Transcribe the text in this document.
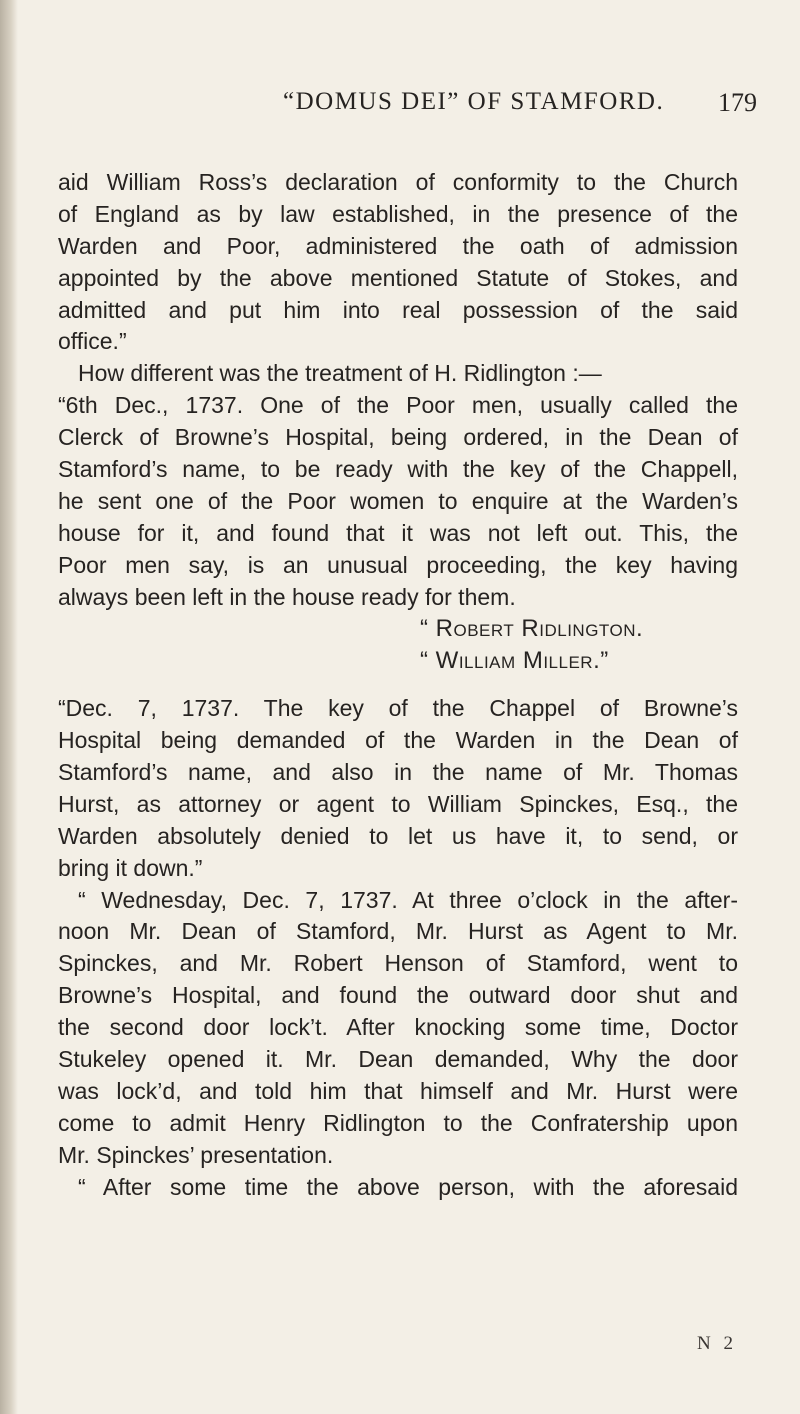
“DOMUS DEI” OF STAMFORD. 179
aid William Ross’s declaration of conformity to the Church
of England as by law established, in the presence of the
Warden and Poor, administered the oath of admission
appointed by the above mentioned Statute of Stokes, and
admitted and put him into real possession of the said
office.”
How different was the treatment of H. Ridlington :—
“6th Dec., 1737. One of the Poor men, usually called the
Clerck of Browne’s Hospital, being ordered, in the Dean of
Stamford’s name, to be ready with the key of the Chappell,
he sent one of the Poor women to enquire at the Warden’s
house for it, and found that it was not left out. This, the
Poor men say, is an unusual proceeding, the key having
always been left in the house ready for them.
“ Robert Ridlington.
“ William Miller.”
“Dec. 7, 1737. The key of the Chappel of Browne’s
Hospital being demanded of the Warden in the Dean of
Stamford’s name, and also in the name of Mr. Thomas
Hurst, as attorney or agent to William Spinckes, Esq., the
Warden absolutely denied to let us have it, to send, or
bring it down.”
“ Wednesday, Dec. 7, 1737. At three o’clock in the after-
noon Mr. Dean of Stamford, Mr. Hurst as Agent to Mr.
Spinckes, and Mr. Robert Henson of Stamford, went to
Browne’s Hospital, and found the outward door shut and
the second door lock’t. After knocking some time, Doctor
Stukeley opened it. Mr. Dean demanded, Why the door
was lock’d, and told him that himself and Mr. Hurst were
come to admit Henry Ridlington to the Confratership upon
Mr. Spinckes’ presentation.
“ After some time the above person, with the aforesaid
N 2
